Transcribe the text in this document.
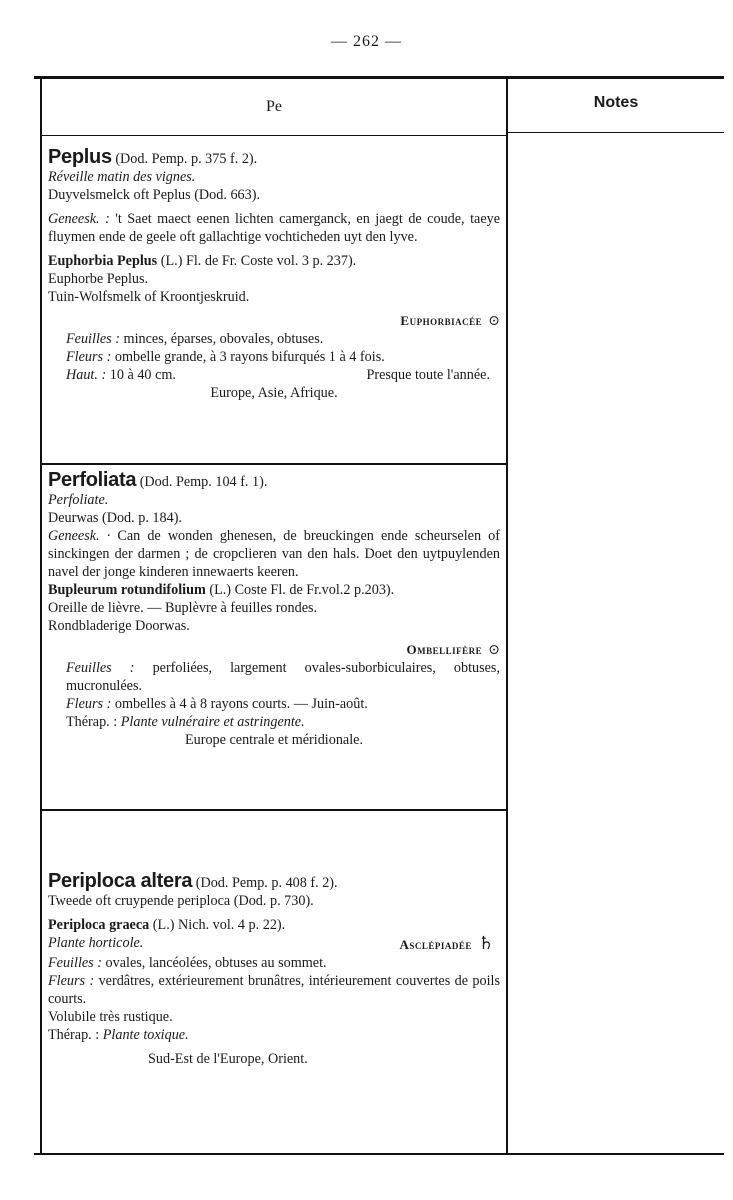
— 262 —
Pe	Notes

Peplus (Dod. Pemp. p. 375 f. 2).

Réveille matin des vignes.

Duyvelsmelck oft Peplus (Dod. 663).

Geneesk. : 't Saet maect eenen lichten camerganck, en jaegt de coude, taeye fluymen ende de geele oft gallachtige vochticheden uyt den lyve.

Euphorbia Peplus (L.) Fl. de Fr. Coste vol. 3 p. 237).

Euphorbe Peplus.

Tuin-Wolfsmelk of Kroontjeskruid.

Euphorbiacée ⊙

Feuilles : minces, éparses, obovales, obtuses.

Fleurs : ombelle grande, à 3 rayons bifurqués 1 à 4 fois.

Haut. : 10 à 40 cm.	Presque toute l'année.

Europe, Asie, Afrique.

Perfoliata (Dod. Pemp. 104 f. 1).

Perfoliate.

Deurwas (Dod. p. 184).

Geneesk. · Can de wonden ghenesen, de breuckingen ende scheurselen of sinckingen der darmen ; de cropclieren van den hals. Doet den uytpuylenden navel der jonge kinderen innewaerts keeren.

Bupleurum rotundifolium (L.) Coste Fl. de Fr.vol.2 p.203).

Oreille de lièvre. — Buplèvre à feuilles rondes.

Rondbladerige Doorwas.

Ombellifère ⊙

Feuilles : perfoliées, largement ovales-suborbiculaires, obtuses, mucronulées.

Fleurs : ombelles à 4 à 8 rayons courts. — Juin-août.

Thérap. : Plante vulnéraire et astringente.

Europe centrale et méridionale.

Periploca altera (Dod. Pemp. p. 408 f. 2).

Tweede oft cruypende periploca (Dod. p. 730).

Periploca graeca (L.) Nich. vol. 4 p. 22).

Plante horticole.	Asclépiadée ♄

Feuilles : ovales, lancéolées, obtuses au sommet.

Fleurs : verdâtres, extérieurement brunâtres, intérieurement couvertes de poils courts.

Volubile très rustique.

Thérap. : Plante toxique.

Sud-Est de l'Europe, Orient.
